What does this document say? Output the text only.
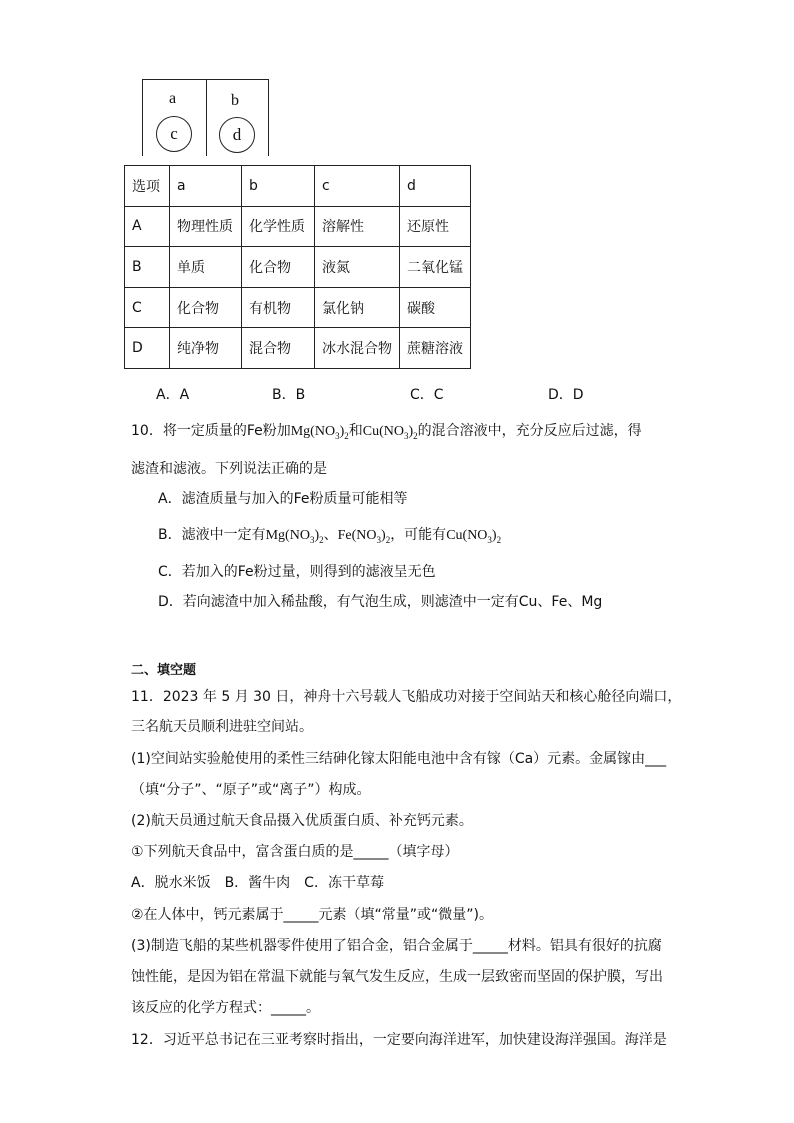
a	b
c	d
选项	a	b	c	d
A	物理性质	化学性质	溶解性	还原性
B	单质	化合物	液氮	二氧化锰
C	化合物	有机物	氯化钠	碳酸
D	纯净物	混合物	冰水混合物	蔗糖溶液
A．A	B．B	C．C	D．D
10．将一定质量的Fe粉加$Mg(NO_3)_2$和$Cu(NO_3)_2$的混合溶液中，充分反应后过滤，得
滤渣和滤液。下列说法正确的是
A．滤渣质量与加入的Fe粉质量可能相等
B．滤液中一定有$Mg(NO_3)_2$、$Fe(NO_3)_2$，可能有$Cu(NO_3)_2$
C．若加入的Fe粉过量，则得到的滤液呈无色
D．若向滤渣中加入稀盐酸，有气泡生成，则滤渣中一定有Cu、Fe、Mg
二、填空题
11．2023 年 5 月 30 日，神舟十六号载人飞船成功对接于空间站天和核心舱径向端口，
三名航天员顺利进驻空间站。
(1)空间站实验舱使用的柔性三结砷化镓太阳能电池中含有镓（Ca）元素。金属镓由___
（填“分子”、“原子”或“离子”）构成。
(2)航天员通过航天食品摄入优质蛋白质、补充钙元素。
①下列航天食品中，富含蛋白质的是_____（填字母）
A．脱水米饭　B．酱牛肉　C．冻干草莓
②在人体中，钙元素属于_____元素（填“常量”或“微量”)。
(3)制造飞船的某些机器零件使用了铝合金，铝合金属于_____材料。铝具有很好的抗腐
蚀性能，是因为铝在常温下就能与氧气发生反应，生成一层致密而坚固的保护膜，写出
该反应的化学方程式：_____。
12．习近平总书记在三亚考察时指出，一定要向海洋进军，加快建设海洋强国。海洋是
